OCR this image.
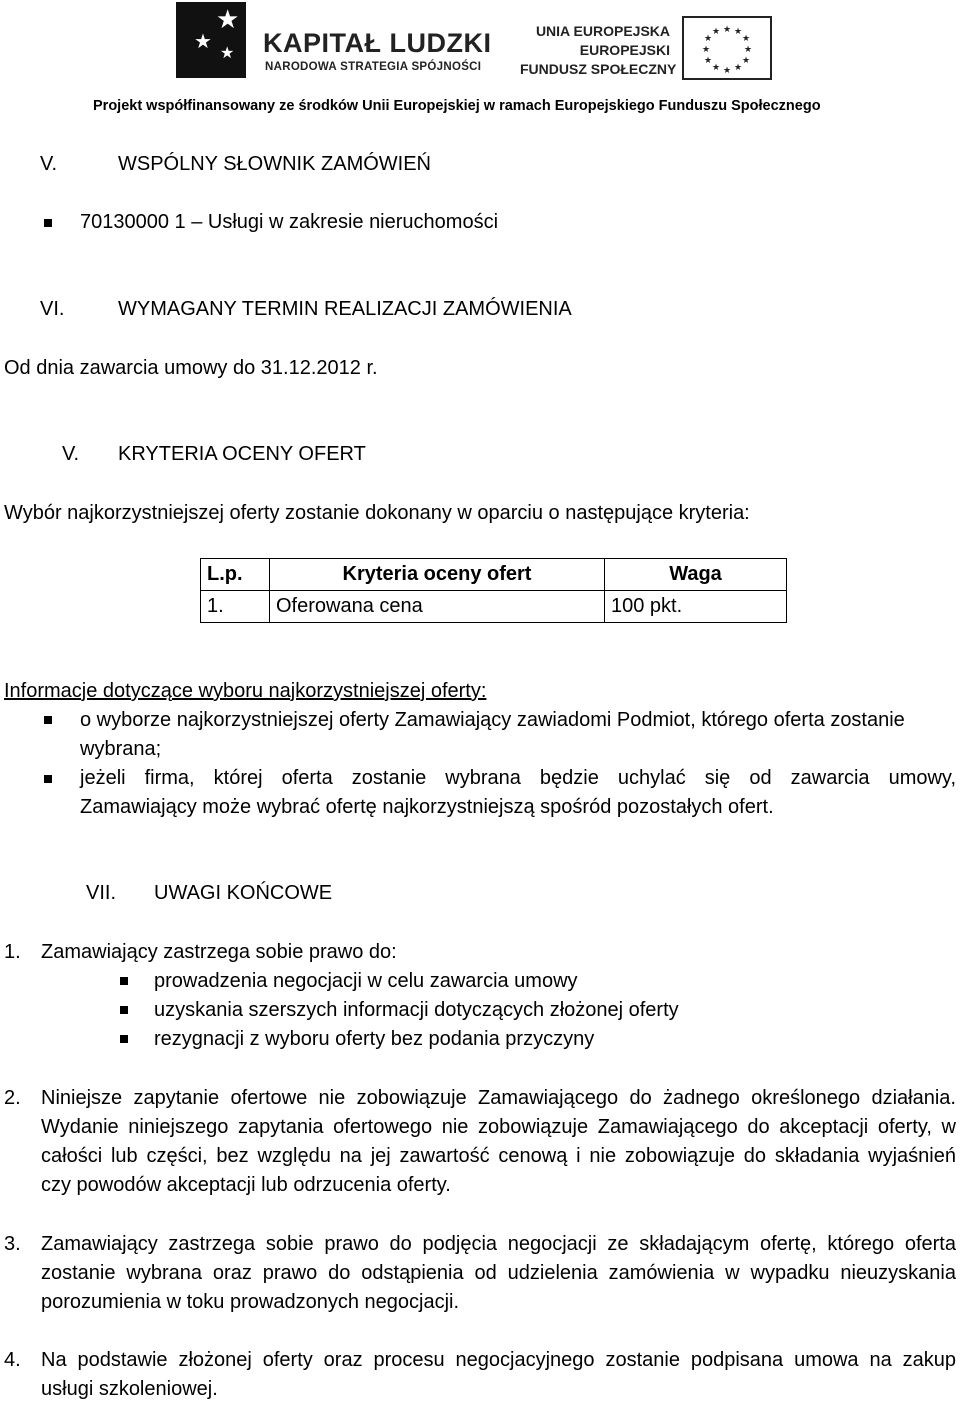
★
★
★ KAPITAŁ LUDZKI
NARODOWA STRATEGIA SPÓJNOŚCI
UNIA EUROPEJSKA
EUROPEJSKI
FUNDUSZ SPOŁECZNY
★ ★
★
★
★
★
★
★
★
★
★
★
Projekt współfinansowany ze środków Unii Europejskiej w ramach Europejskiego Funduszu Społecznego
V.	WSPÓLNY SŁOWNIK ZAMÓWIEŃ
70130000 1 – Usługi w zakresie nieruchomości
VI.	WYMAGANY TERMIN REALIZACJI ZAMÓWIENIA
Od dnia zawarcia umowy do 31.12.2012 r.
V. KRYTERIA OCENY OFERT
Wybór najkorzystniejszej oferty zostanie dokonany w oparciu o następujące kryteria:
L.p.	Kryteria oceny ofert	Waga
1.	Oferowana cena	100 pkt.
Informacje dotyczące wyboru najkorzystniejszej oferty:
o wyborze najkorzystniejszej oferty Zamawiający zawiadomi Podmiot, którego oferta zostanie
wybrana;
jeżeli firma, której oferta zostanie wybrana będzie uchylać się od zawarcia umowy,
Zamawiający może wybrać ofertę najkorzystniejszą spośród pozostałych ofert.
VII. UWAGI KOŃCOWE
1. Zamawiający zastrzega sobie prawo do:
prowadzenia negocjacji w celu zawarcia umowy
uzyskania szerszych informacji dotyczących złożonej oferty
rezygnacji z wyboru oferty bez podania przyczyny
2. Niniejsze zapytanie ofertowe nie zobowiązuje Zamawiającego do żadnego określonego działania.
Wydanie niniejszego zapytania ofertowego nie zobowiązuje Zamawiającego do akceptacji oferty, w
całości lub części, bez względu na jej zawartość cenową i nie zobowiązuje do składania wyjaśnień
czy powodów akceptacji lub odrzucenia oferty.
3. Zamawiający zastrzega sobie prawo do podjęcia negocjacji ze składającym ofertę, którego oferta
zostanie wybrana oraz prawo do odstąpienia od udzielenia zamówienia w wypadku nieuzyskania
porozumienia w toku prowadzonych negocjacji.
4. Na podstawie złożonej oferty oraz procesu negocjacyjnego zostanie podpisana umowa na zakup
usługi szkoleniowej.
